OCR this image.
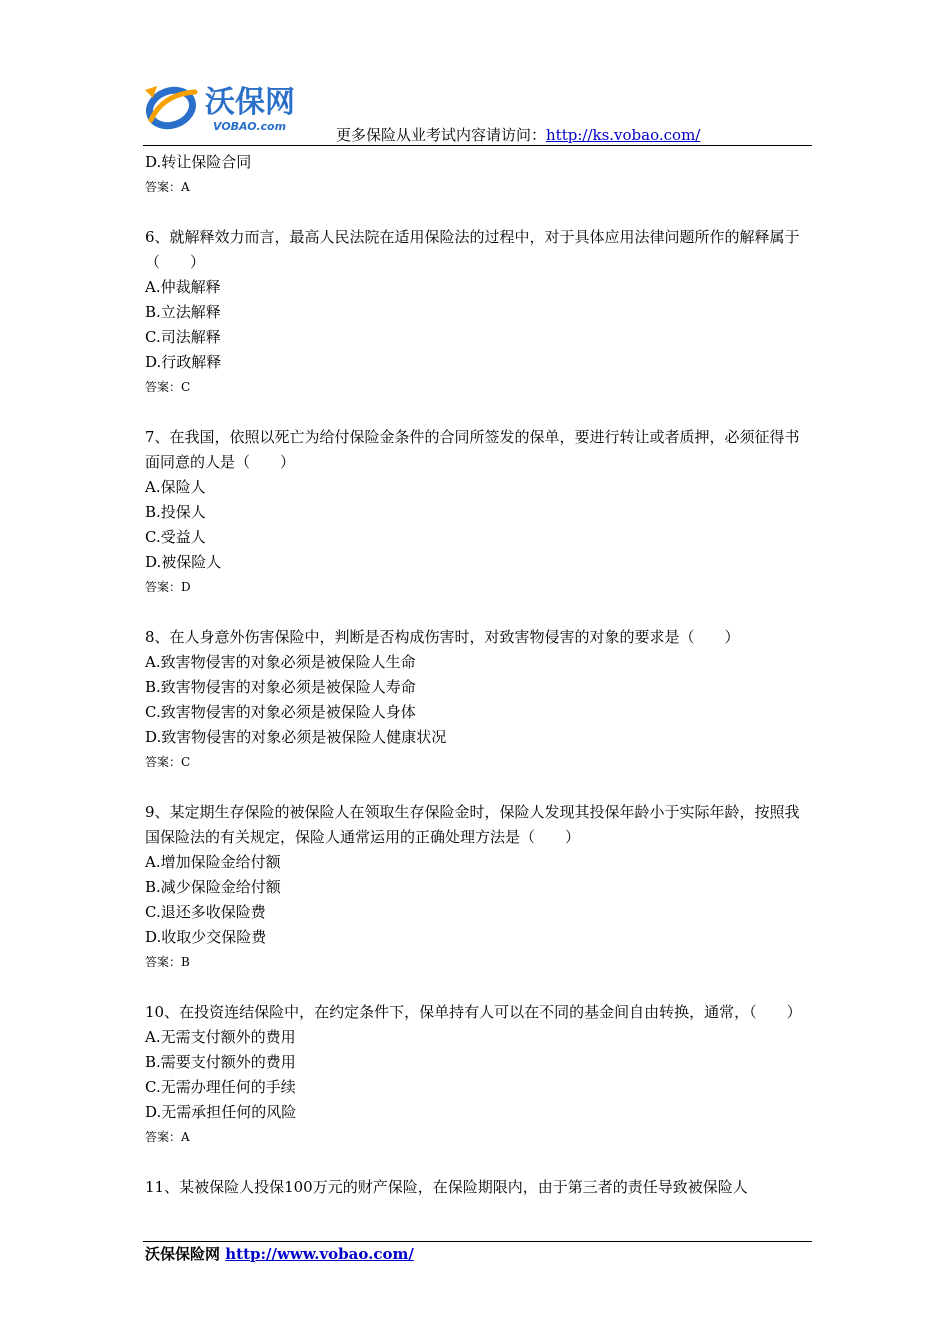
沃保网
VOBAO.com	更多保险从业考试内容请访问：http://ks.vobao.com/
D.转让保险合同
答案：A
6、就解释效力而言，最高人民法院在适用保险法的过程中，对于具体应用法律问题所作的解释属于（　　）
A.仲裁解释
B.立法解释
C.司法解释
D.行政解释
答案：C
7、在我国，依照以死亡为给付保险金条件的合同所签发的保单，要进行转让或者质押，必须征得书面同意的人是（　　）
A.保险人
B.投保人
C.受益人
D.被保险人
答案：D
8、在人身意外伤害保险中，判断是否构成伤害时，对致害物侵害的对象的要求是（　　）
A.致害物侵害的对象必须是被保险人生命
B.致害物侵害的对象必须是被保险人寿命
C.致害物侵害的对象必须是被保险人身体
D.致害物侵害的对象必须是被保险人健康状况
答案：C
9、某定期生存保险的被保险人在领取生存保险金时，保险人发现其投保年龄小于实际年龄，按照我国保险法的有关规定，保险人通常运用的正确处理方法是（　　）
A.增加保险金给付额
B.减少保险金给付额
C.退还多收保险费
D.收取少交保险费
答案：B
10、在投资连结保险中，在约定条件下，保单持有人可以在不同的基金间自由转换，通常，（　　）
A.无需支付额外的费用
B.需要支付额外的费用
C.无需办理任何的手续
D.无需承担任何的风险
答案：A
11、某被保险人投保100万元的财产保险，在保险期限内，由于第三者的责任导致被保险人
沃保保险网 http://www.vobao.com/
